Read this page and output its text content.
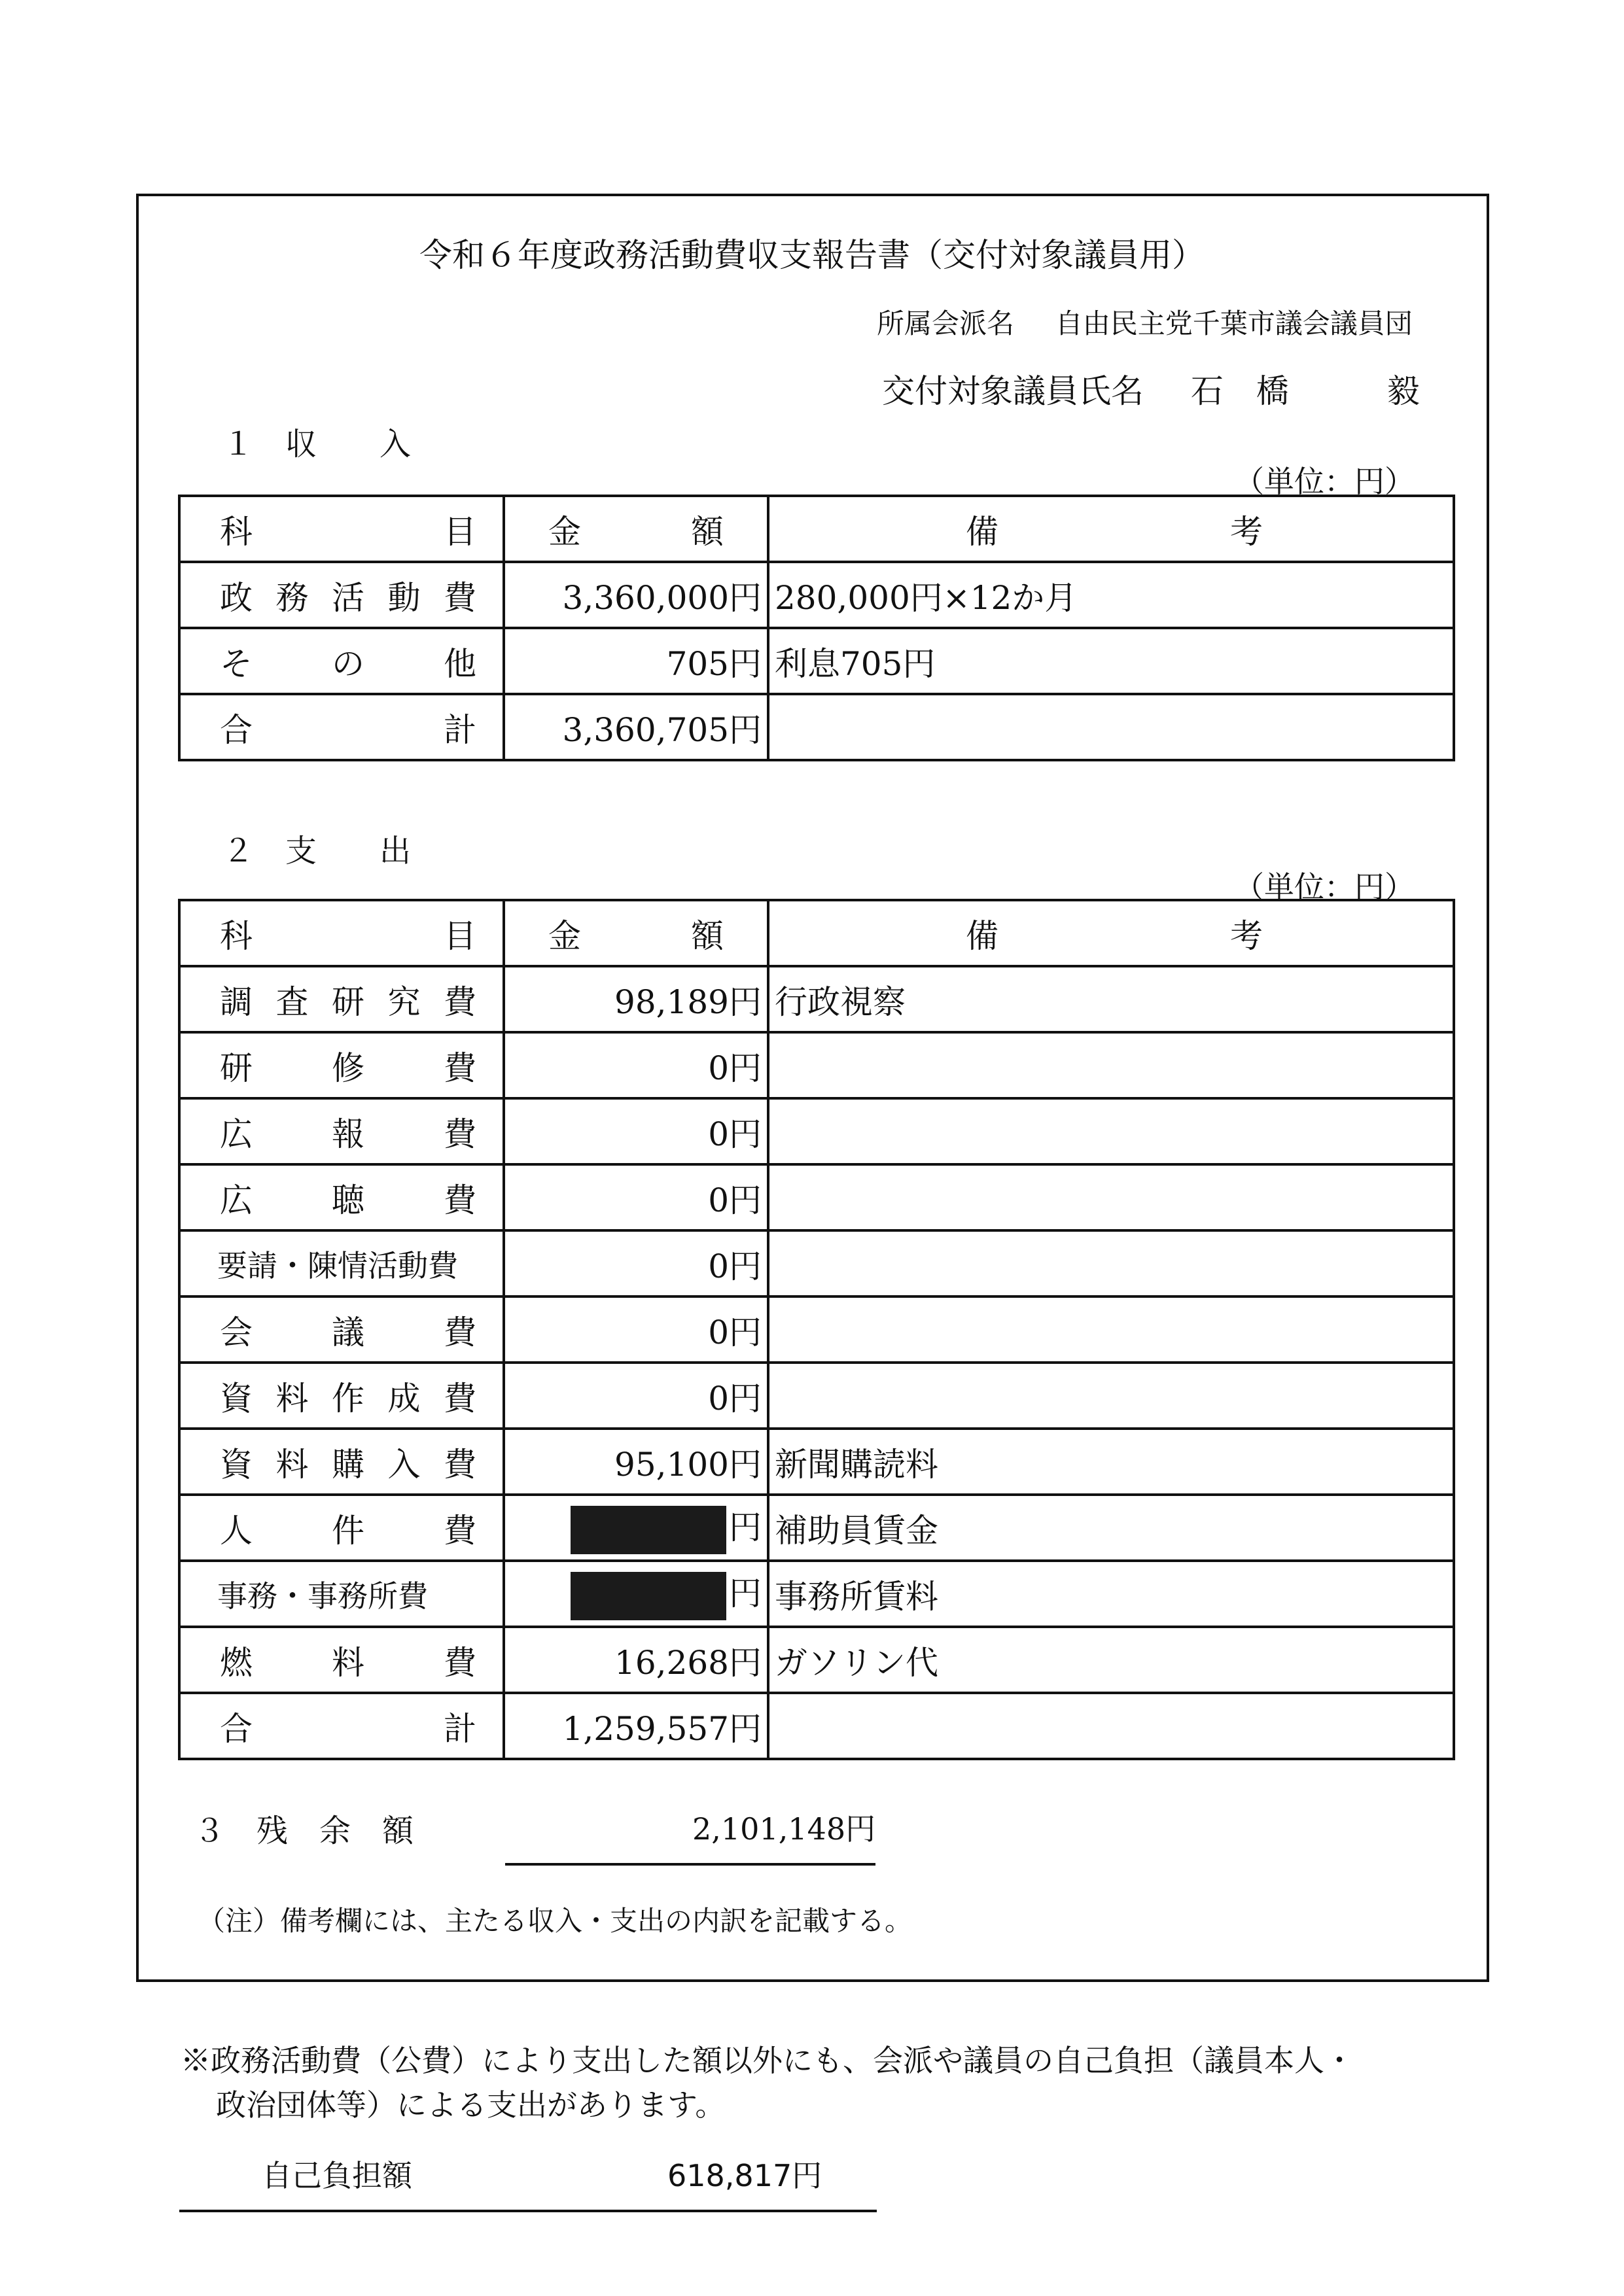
令和６年度政務活動費収支報告書（交付対象議員用）
所属会派名 自由民主党千葉市議会議員団
交付対象議員氏名 石　橋　　　毅
１　収　　入
（単位：円）
科目	金額	備考

政務活動費	3,360,000円	280,000円×12か月

その他	705円	利息705円

合計	3,360,705円	
２　支　　出
（単位：円）
科目	金額	備考

調査研究費	98,189円	行政視察

研修費	0円	

広報費	0円	

広聴費	0円	
要請・陳情活動費	0円	

会議費	0円	

資料作成費	0円	

資料購入費	95,100円	新聞購読料

人件費	円	補助員賃金
事務・事務所費	円	事務所賃料

燃料費	16,268円	ガソリン代

合計	1,259,557円	
３　残　余　額	2,101,148円
（注）備考欄には、主たる収入・支出の内訳を記載する。
※政務活動費（公費）により支出した額以外にも、会派や議員の自己負担（議員本人・
政治団体等）による支出があります。
自己負担額	618,817円
